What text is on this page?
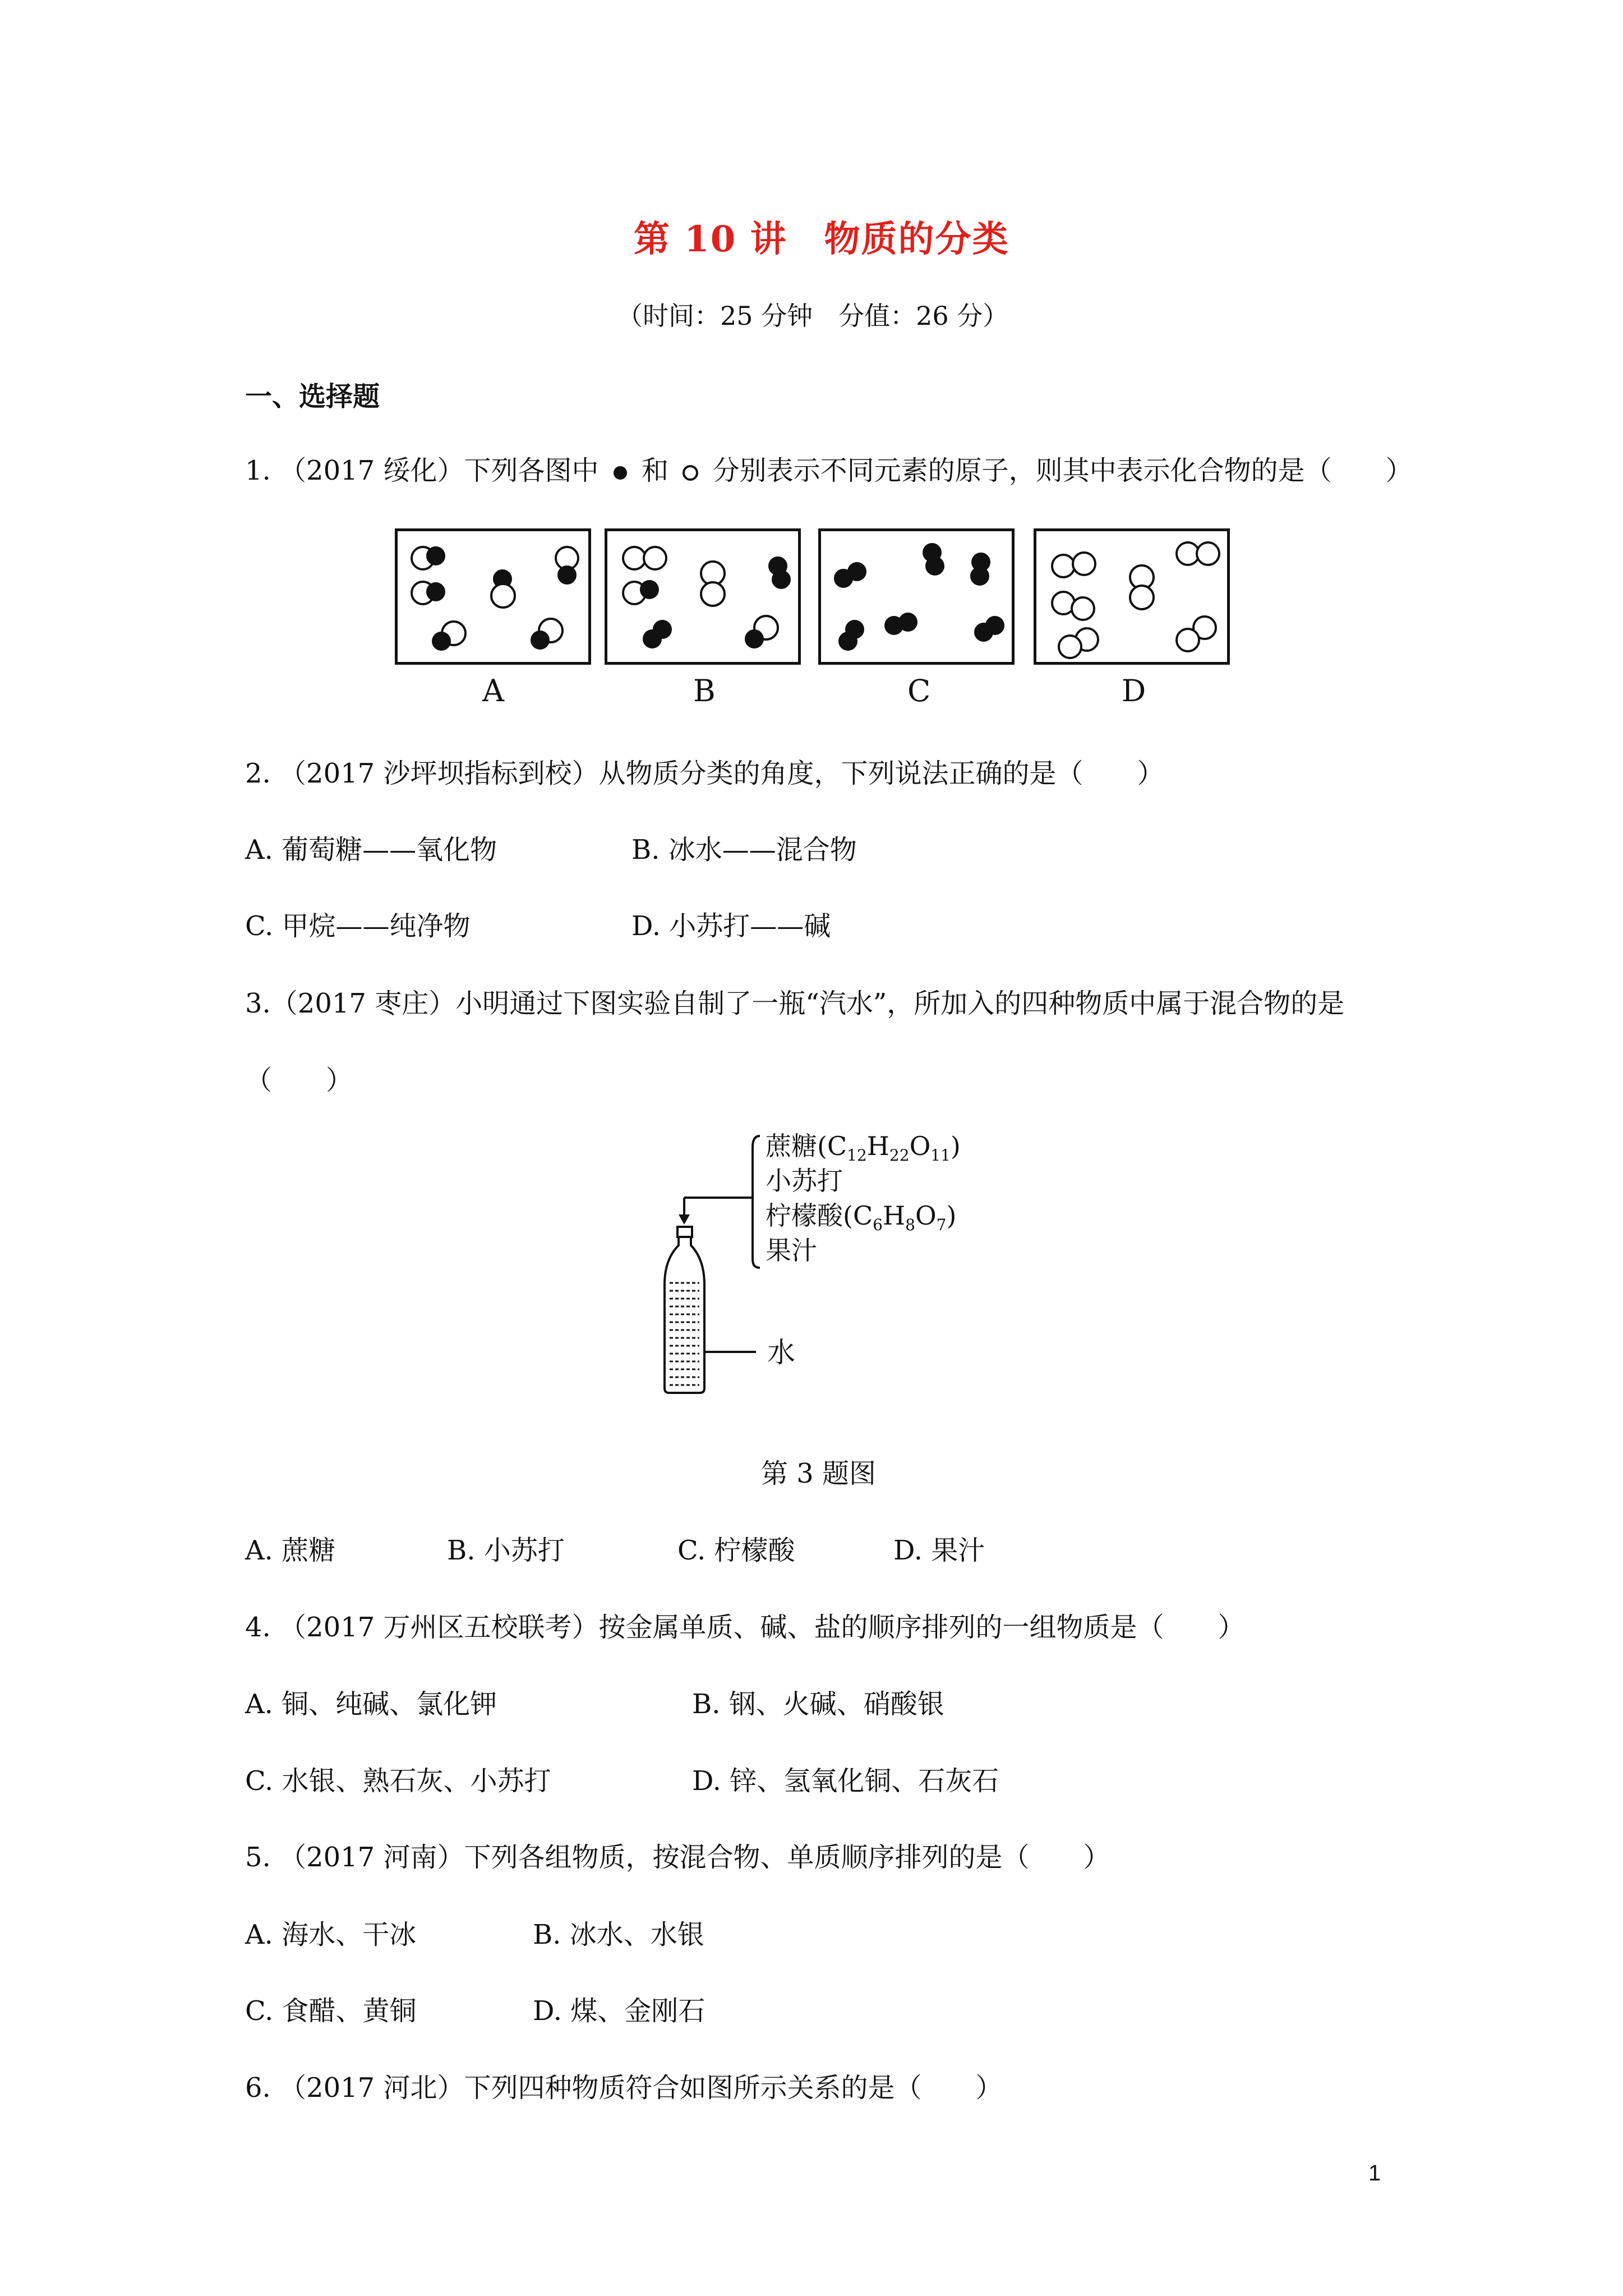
第 10 讲　物质的分类
（时间：25 分钟　分值：26 分）
一、选择题
1. （2017 绥化）下列各图中 和 分别表示不同元素的原子，则其中表示化合物的是（　　）
A	B	C	D
2. （2017 沙坪坝指标到校）从物质分类的角度，下列说法正确的是（　　）
A. 葡萄糖——氧化物	B. 冰水——混合物
C. 甲烷——纯净物	D. 小苏打——碱
3.（2017 枣庄）小明通过下图实验自制了一瓶“汽水”，所加入的四种物质中属于混合物的是
（　　）
蔗糖$(C_{12}H_{22}O_{11})$
小苏打
柠檬酸$(C_6H_8O_7)$
果汁
水
第 3 题图
A. 蔗糖	B. 小苏打	C. 柠檬酸	D. 果汁
4. （2017 万州区五校联考）按金属单质、碱、盐的顺序排列的一组物质是（　　）
A. 铜、纯碱、氯化钾	B. 钢、火碱、硝酸银
C. 水银、熟石灰、小苏打	D. 锌、氢氧化铜、石灰石
5. （2017 河南）下列各组物质，按混合物、单质顺序排列的是（　　）
A. 海水、干冰	B. 冰水、水银
C. 食醋、黄铜	D. 煤、金刚石
6. （2017 河北）下列四种物质符合如图所示关系的是（　　）
1
